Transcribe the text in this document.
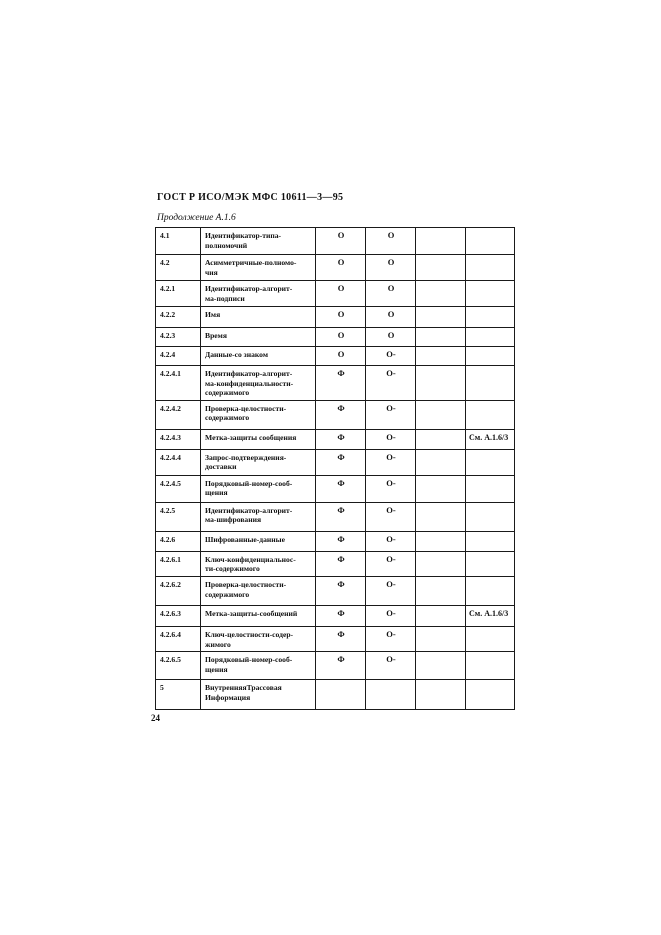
ГОСТ Р ИСО/МЭК МФС 10611—3—95
Продолжение А.1.6
4.1	Идентификатор-типа-
полномочий	О	О		
4.2	Асимметричные-полномо-
чия	О	О		
4.2.1	Идентификатор-алгорит-
ма-подписи	О	О		
4.2.2	Имя	О	О		
4.2.3	Время	О	О		
4.2.4	Данные-со знаком	О	О-		
4.2.4.1	Идентификатор-алгорит-
ма-конфиденциальности-
содержимого	Ф	О-		
4.2.4.2	Проверка-целостности-
содержимого	Ф	О-		
4.2.4.3	Метка-защиты сообщения	Ф	О-		См. А.1.6/3
4.2.4.4	Запрос-подтверждения-
доставки	Ф	О-		
4.2.4.5	Порядковый-номер-сооб-
щения	Ф	О-		
4.2.5	Идентификатор-алгорит-
ма-шифрования	Ф	О-		
4.2.6	Шифрованные-данные	Ф	О-		
4.2.6.1	Ключ-конфиденциальнос-
ти-содержимого	Ф	О-		
4.2.6.2	Проверка-целостности-
содержимого	Ф	О-		
4.2.6.3	Метка-защиты-сообщений	Ф	О-		См. А.1.6/3
4.2.6.4	Ключ-целостности-содер-
жимого	Ф	О-		
4.2.6.5	Порядковый-номер-сооб-
щения	Ф	О-		
5	ВнутренняяТрассовая
Информация				
24
